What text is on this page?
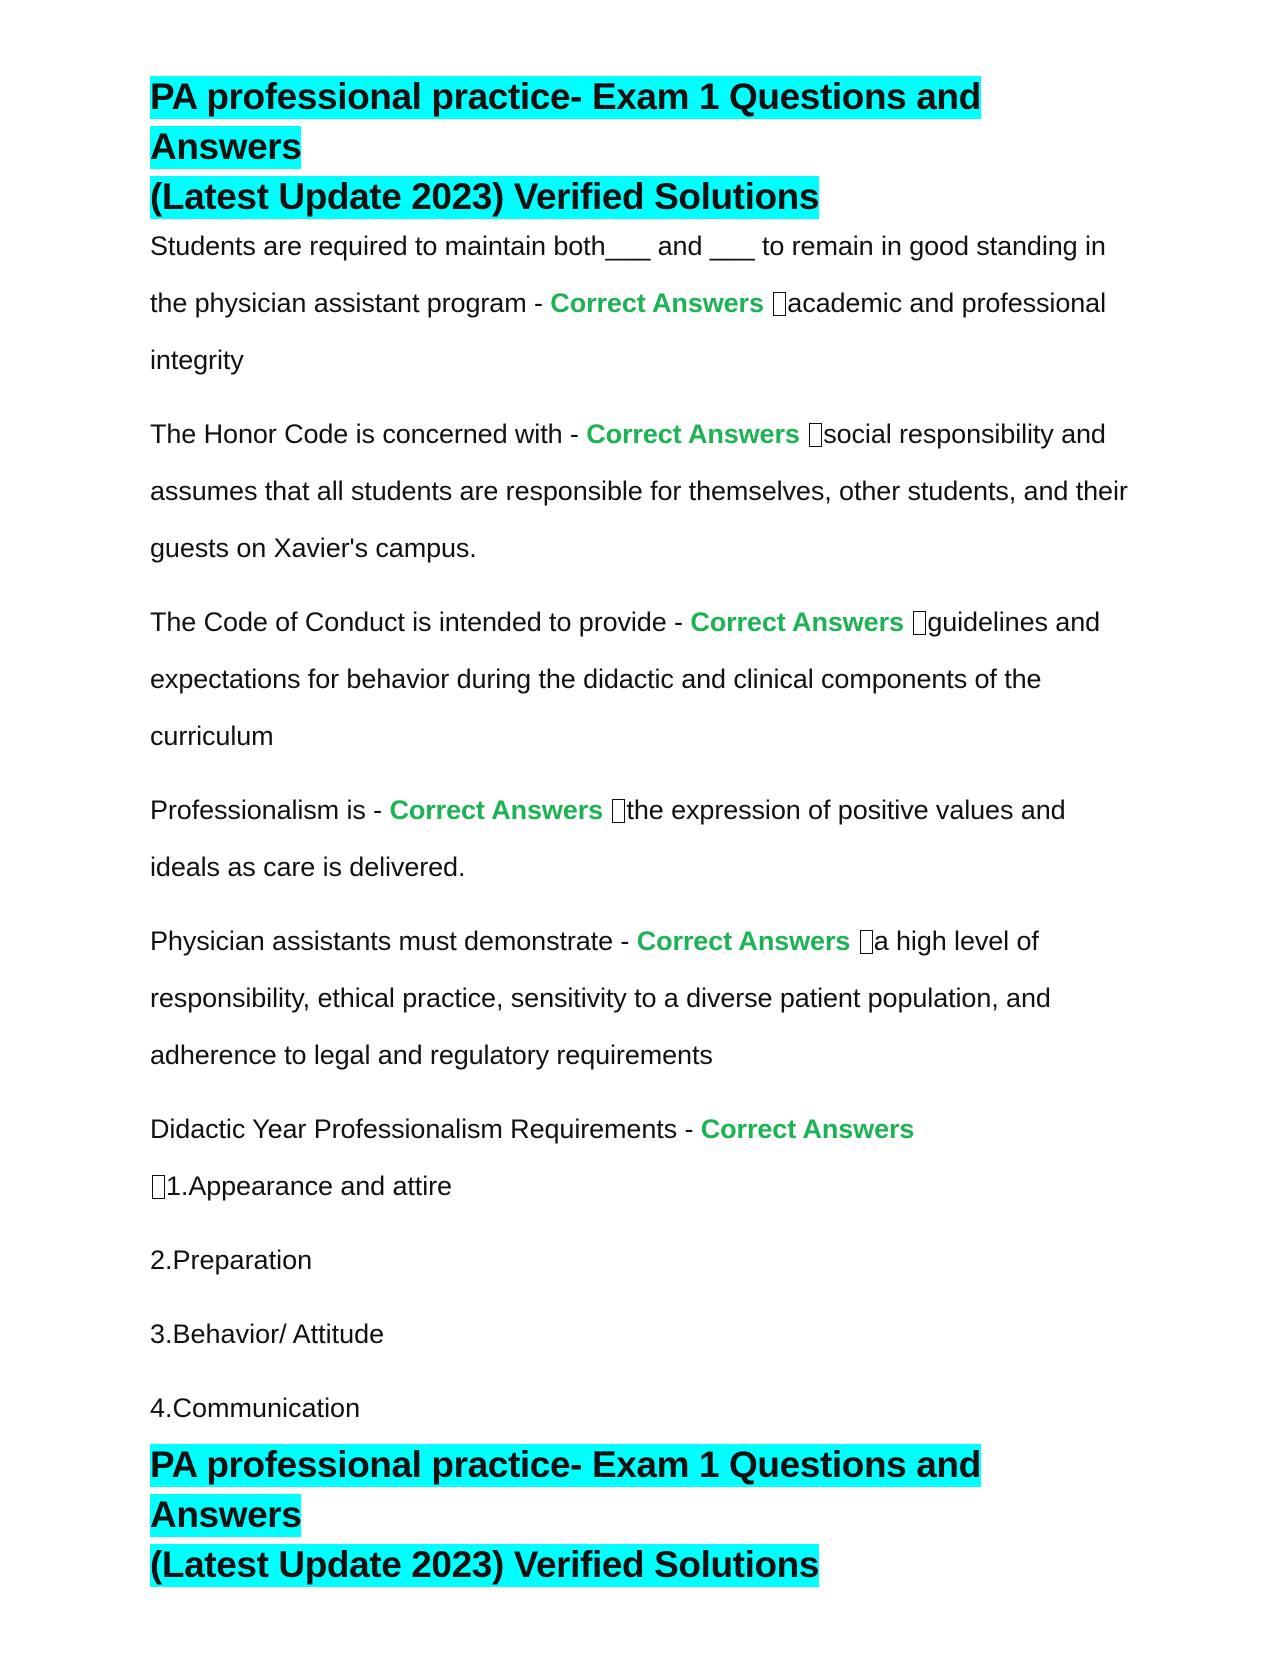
PA professional practice- Exam 1 Questions and Answers
(Latest Update 2023) Verified Solutions

Students are required to maintain both___ and ___ to remain in good standing in the physician assistant program - Correct Answers academic and professional integrity

The Honor Code is concerned with - Correct Answers social responsibility and assumes that all students are responsible for themselves, other students, and their guests on Xavier's campus.

The Code of Conduct is intended to provide - Correct Answers guidelines and expectations for behavior during the didactic and clinical components of the curriculum

Professionalism is - Correct Answers the expression of positive values and ideals as care is delivered.

Physician assistants must demonstrate - Correct Answers a high level of responsibility, ethical practice, sensitivity to a diverse patient population, and adherence to legal and regulatory requirements

Didactic Year Professionalism Requirements - Correct Answers
1.Appearance and attire

2.Preparation

3.Behavior/ Attitude

4.Communication

PA professional practice- Exam 1 Questions and Answers
(Latest Update 2023) Verified Solutions
